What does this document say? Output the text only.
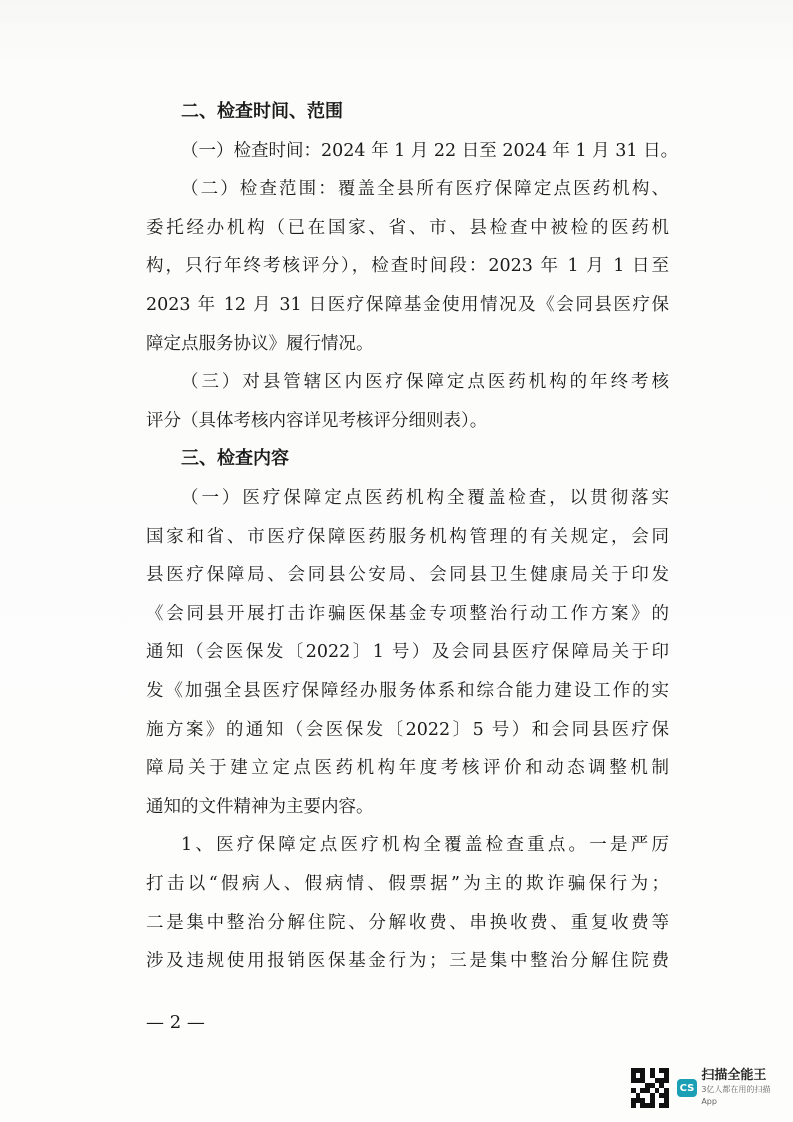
二、检查时间、范围
（一）检查时间：2024 年 1 月 22 日至 2024 年 1 月 31 日。
（二）检查范围：覆盖全县所有医疗保障定点医药机构、
委托经办机构（已在国家、省、市、县检查中被检的医药机
构，只行年终考核评分），检查时间段：2023 年 1 月 1 日至
2023 年 12 月 31 日医疗保障基金使用情况及《会同县医疗保
障定点服务协议》履行情况。
（三）对县管辖区内医疗保障定点医药机构的年终考核
评分（具体考核内容详见考核评分细则表）。
三、检查内容
（一）医疗保障定点医药机构全覆盖检查，以贯彻落实
国家和省、市医疗保障医药服务机构管理的有关规定，会同
县医疗保障局、会同县公安局、会同县卫生健康局关于印发
《会同县开展打击诈骗医保基金专项整治行动工作方案》的
通知（会医保发〔2022〕1 号）及会同县医疗保障局关于印
发《加强全县医疗保障经办服务体系和综合能力建设工作的实
施方案》的通知（会医保发〔2022〕5 号）和会同县医疗保
障局关于建立定点医药机构年度考核评价和动态调整机制
通知的文件精神为主要内容。
1、医疗保障定点医疗机构全覆盖检查重点。一是严厉
打击以“假病人、假病情、假票据”为主的欺诈骗保行为；
二是集中整治分解住院、分解收费、串换收费、重复收费等
涉及违规使用报销医保基金行为；三是集中整治分解住院费
— 2 —
CS
扫描全能王
3亿人都在用的扫描App
